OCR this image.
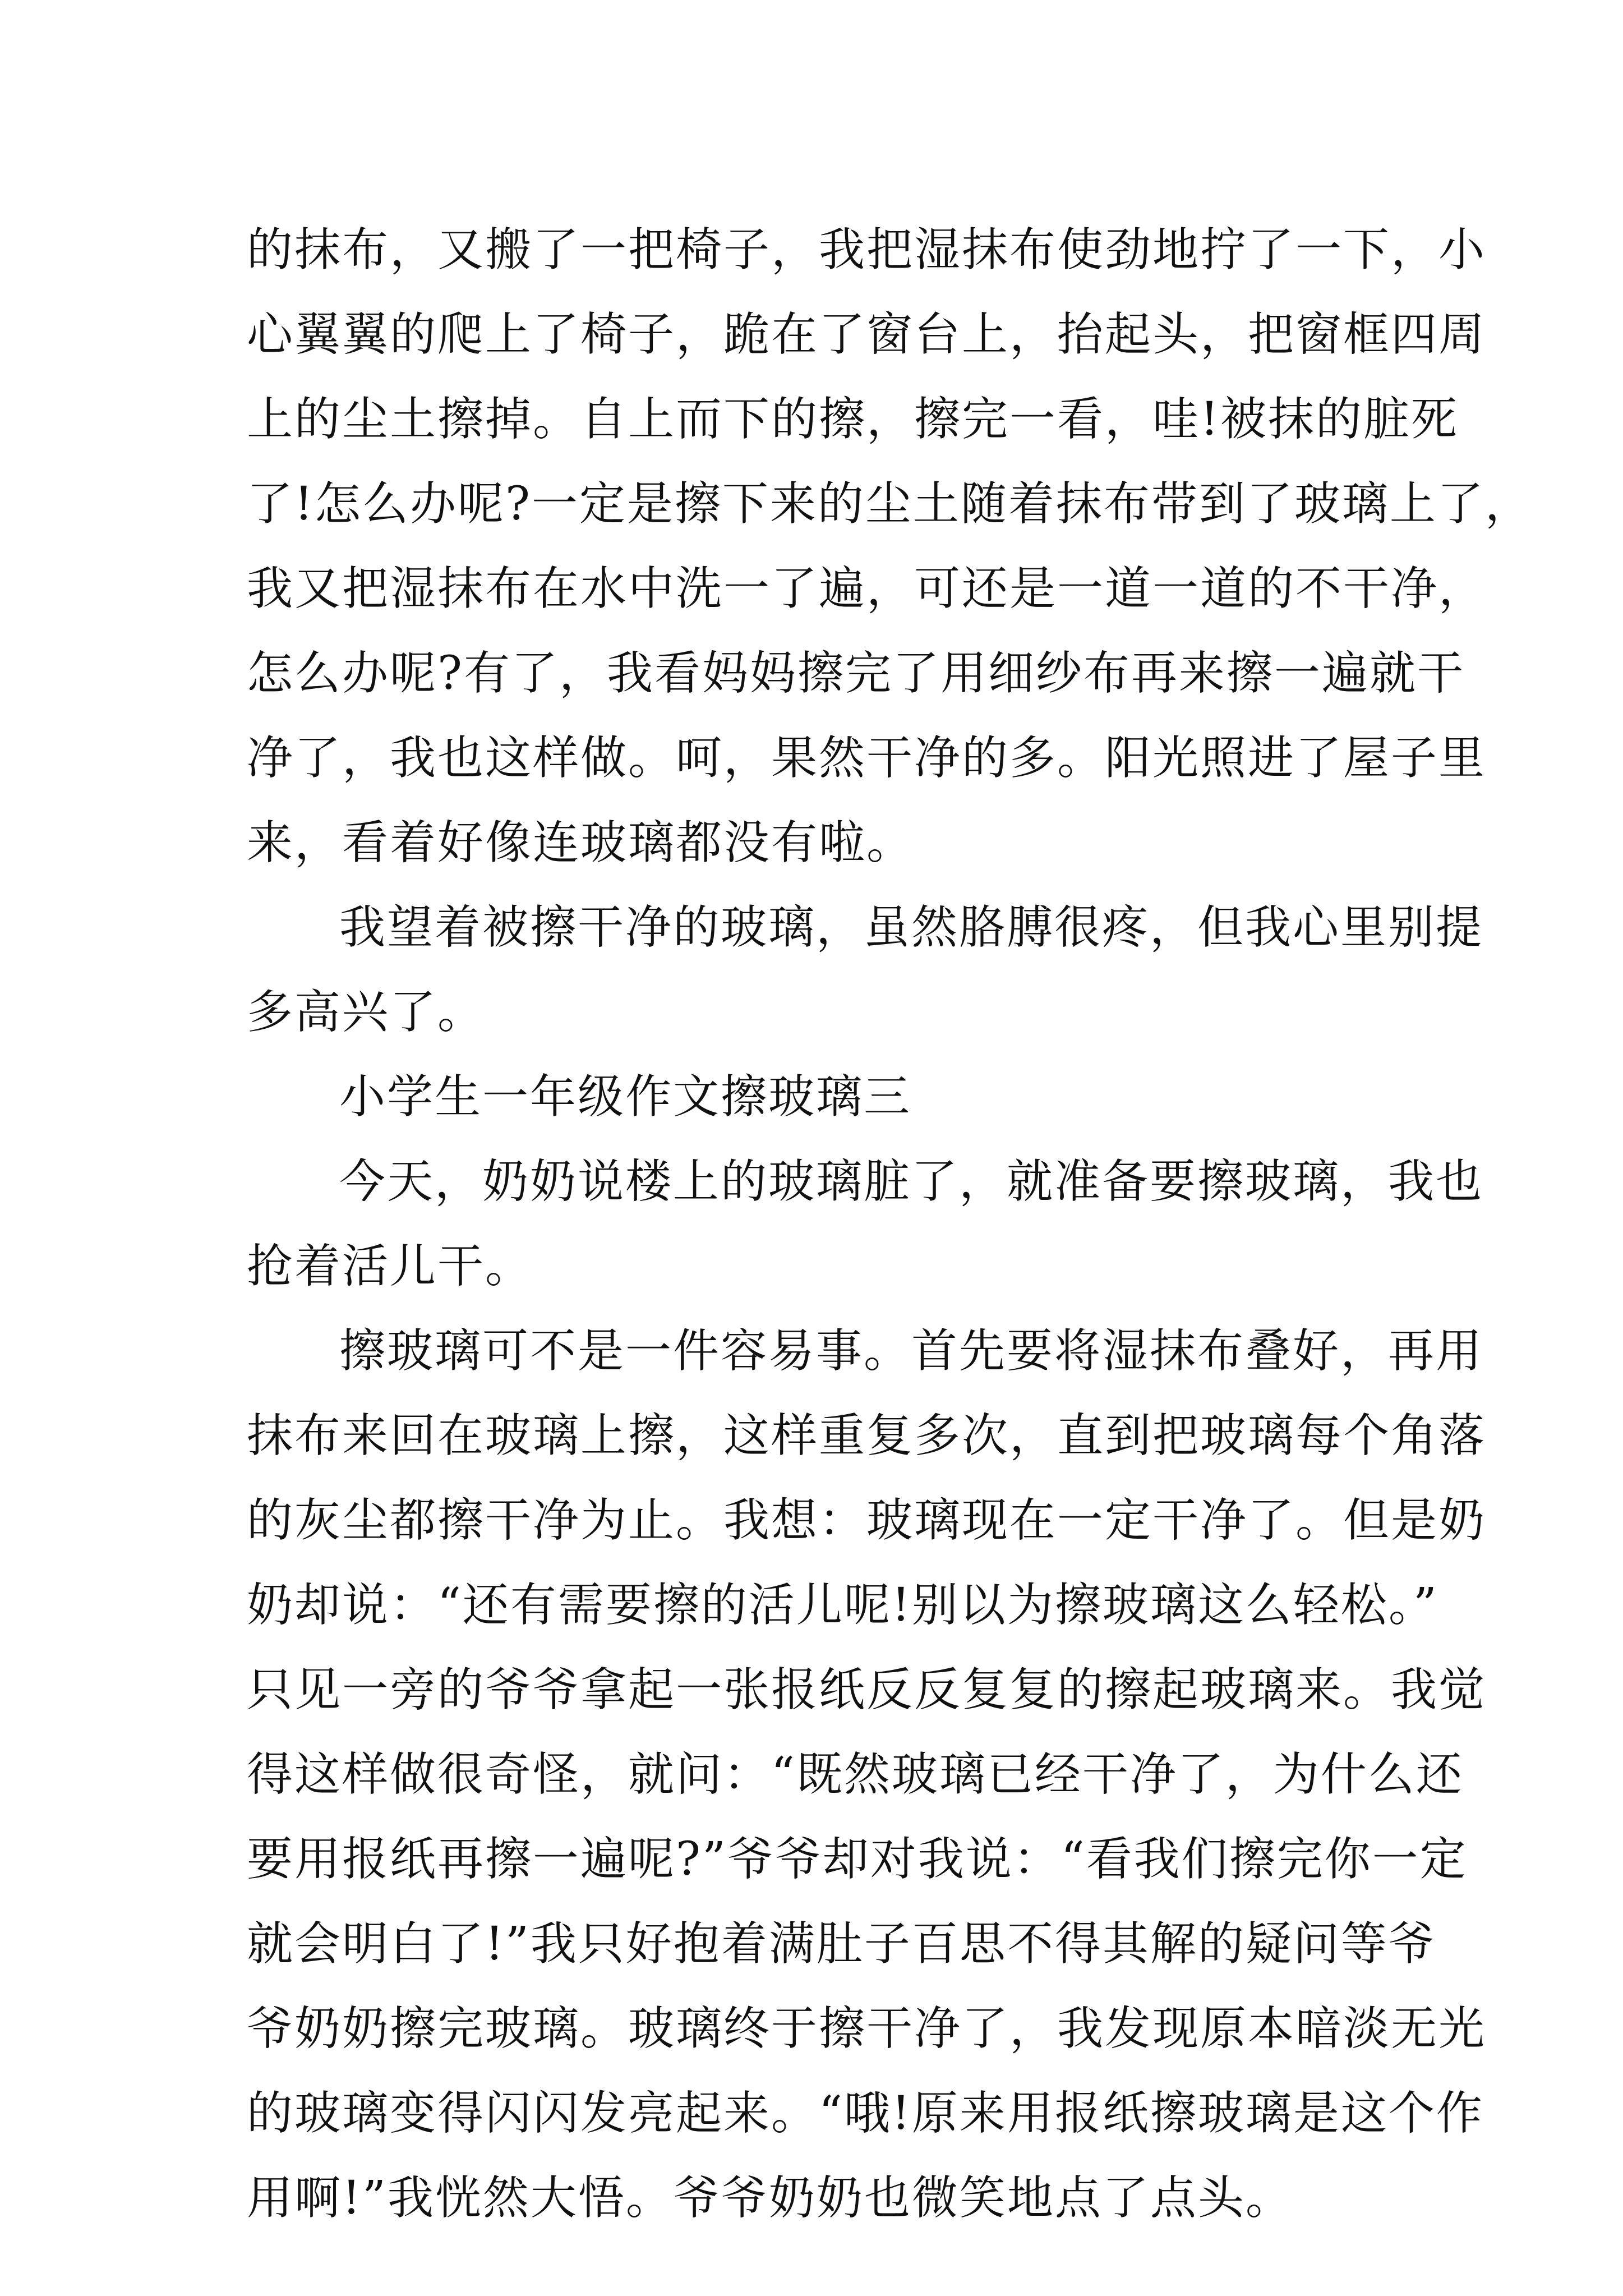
的抹布，又搬了一把椅子，我把湿抹布使劲地拧了一下，小
心翼翼的爬上了椅子，跪在了窗台上，抬起头，把窗框四周
上的尘土擦掉。自上而下的擦，擦完一看，哇!被抹的脏死
了!怎么办呢?一定是擦下来的尘土随着抹布带到了玻璃上了，
我又把湿抹布在水中洗一了遍，可还是一道一道的不干净，
怎么办呢?有了，我看妈妈擦完了用细纱布再来擦一遍就干
净了，我也这样做。呵，果然干净的多。阳光照进了屋子里
来，看着好像连玻璃都没有啦。
我望着被擦干净的玻璃，虽然胳膊很疼，但我心里别提
多高兴了。
小学生一年级作文擦玻璃三
今天，奶奶说楼上的玻璃脏了，就准备要擦玻璃，我也
抢着活儿干。
擦玻璃可不是一件容易事。首先要将湿抹布叠好，再用
抹布来回在玻璃上擦，这样重复多次，直到把玻璃每个角落
的灰尘都擦干净为止。我想：玻璃现在一定干净了。但是奶
奶却说：“还有需要擦的活儿呢!别以为擦玻璃这么轻松。”
只见一旁的爷爷拿起一张报纸反反复复的擦起玻璃来。我觉
得这样做很奇怪，就问：“既然玻璃已经干净了，为什么还
要用报纸再擦一遍呢?”爷爷却对我说：“看我们擦完你一定
就会明白了!”我只好抱着满肚子百思不得其解的疑问等爷
爷奶奶擦完玻璃。玻璃终于擦干净了，我发现原本暗淡无光
的玻璃变得闪闪发亮起来。“哦!原来用报纸擦玻璃是这个作
用啊!”我恍然大悟。爷爷奶奶也微笑地点了点头。
